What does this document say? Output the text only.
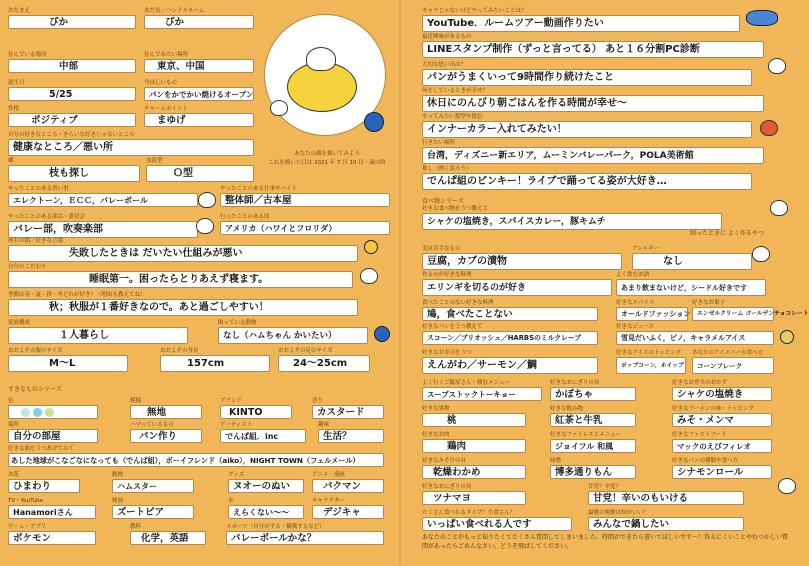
おなまえ
ぴか
あだ名／ハンドルネーム
ぴか
住んでいる場所
中部
住んでみたい場所
東京、中国
誕生日
5/25
今ほしいもの
パンをかでかい焼けるオーブン
性格
ポジティブ
チャームポイント
まゆげ
自分の好きなところ・きらいな好きじゃないところ
健康なところ／悪い所
郷
枝も探し
血液型
Ｏ型
やったことのある習い事
エレクトーン，ＥＣＣ，バレーボール
やったことのある仕事やバイト
整体師／古本屋
やったことのある部活・委員会
バレー部，吹奏楽部
行ったことのある国
アメリカ（ハワイとフロリダ）
座右の銘／好きな言葉
失敗したときは だいたい仕組みが悪い
自分のこだわり
睡眠第一。困ったらとりあえず寝ます。
季節は春・夏・秋・冬どれが好き？（理由も教えてね）
秋；秋服が１番好きなので。あと過ごしやすい！
家族構成
１人暮らし
飼っている動物
なし（ハムちゃん かいたい）
おおよその服のサイズ
M～L
おおよその身長
157cm
おおよその足のサイズ
24～25cm
すきなものシリーズ
色	模様
無地
ブランド
KINTO
香り
カスタード
場所
自分の部屋
ハマっているもの
パン作り
アーティスト
でんぱ組．inc
趣味
生活？
好きな曲を３つあげてみて
あした地球がこなごなになっても（でんぱ組），ボーイフレンド（aiko），NIGHT TOWN（フェルメール）
お花
ひまわり
動物
ハムスター
グッズ
ヌオーのぬい
アニメ・漫画
バクマン
TV・YouTube
Hanamoriさん
映画
ズートピア
本
えらくない～～
キャラクター
デジキャ
ゲーム・アプリ
ポケモン
教科
化学，英語
スポーツ（自分がする・観戦するなど）
バレーボールかな？
あなたの顔を描いてみよう
これを描いた日は 2021 年 7 月 10 日・歳の時
キャラじゃないけどやってみたいことは？
YouTube．ルームツアー動画作りたい
最近興味があるもの
LINEスタンプ制作（ずっと言ってる） あと１６分割PC診断
大切な思い出は？
パンがうまくいって9時間作り続けたこと
何をしているときが幸せ？
休日にのんびり朝ごはんを作る時間が幸せ～
やってみたい髪型や髪色
インナーカラー入れてみたい！
行きたい場所
台湾，ディズニー新エリア，ムーミンバレーパーク，POLA美術館
推し（熱く語ろう）
でんぱ組のピンキー！ライブで踊ってる姿が大好き…
食べ物シリーズ
好きな食べ物を３つ教えて
シャケの塩焼き，スパイスカレー，豚キムチ
困ったときに よく作るやつ
実は苦手なもの
豆腐，カブの漬物
アレルギー
なし
作るのが好きな料理
エリンギを切るのが好き
よく飲むお酒
あまり飲まないけど，シードル好きです
食べたことのない好きな料理
鳩，食べたことない
好きなスパイス
オールドファッション
好きなお菓子
エンゼルクリーム ゴールデンチョコレート
好きなパンを３つ教えて
スコーン／ブリオッシュ／HARBSのミルクレープ
好きなジュース
雪見だいふく，ピノ，キャラメルアイス
好きなお寿司を３つ
えんがわ／サーモン／鯛
好きなアイスのトッピング
ポップコーン，ホイップ
あなたのアイスバーの食べ方
コーンフレーク
よく行くご飯屋さん・頼むメニュー
スープストックトーキョー
好きなおにぎりの具
かぼちゃ
好きなお弁当のおかず
シャケの塩焼き
好きな果物
桃
好きな飲み物
紅茶と牛乳
好きなラーメンの味・トッピング
みそ・メンマ
好きなお肉
鶏肉
好きなファミレスとメニュー
ジョイフル 和風
好きなファストフード
マックのえびフィレオ
好きなみそ汁の具
乾燥わかめ
味噌
博多通りもん
好きなパンの種類や食べ方
シナモンロール
好きなおにぎりの具
ツナマヨ
甘党？辛党？
甘党！辛いのもいける
たくさん食べれるタイプ？小食さん？
いっぱい食べれる人です
最後の晩餐は何がいい？
みんなで鍋したい
あなたのことがもっと知りたくてたくさん質問してしまいました。時間ができたら書いてほしいです～！答えにくいことやむつかしい質問があったらごめんなさい。どうぞ飛ばしてください。
